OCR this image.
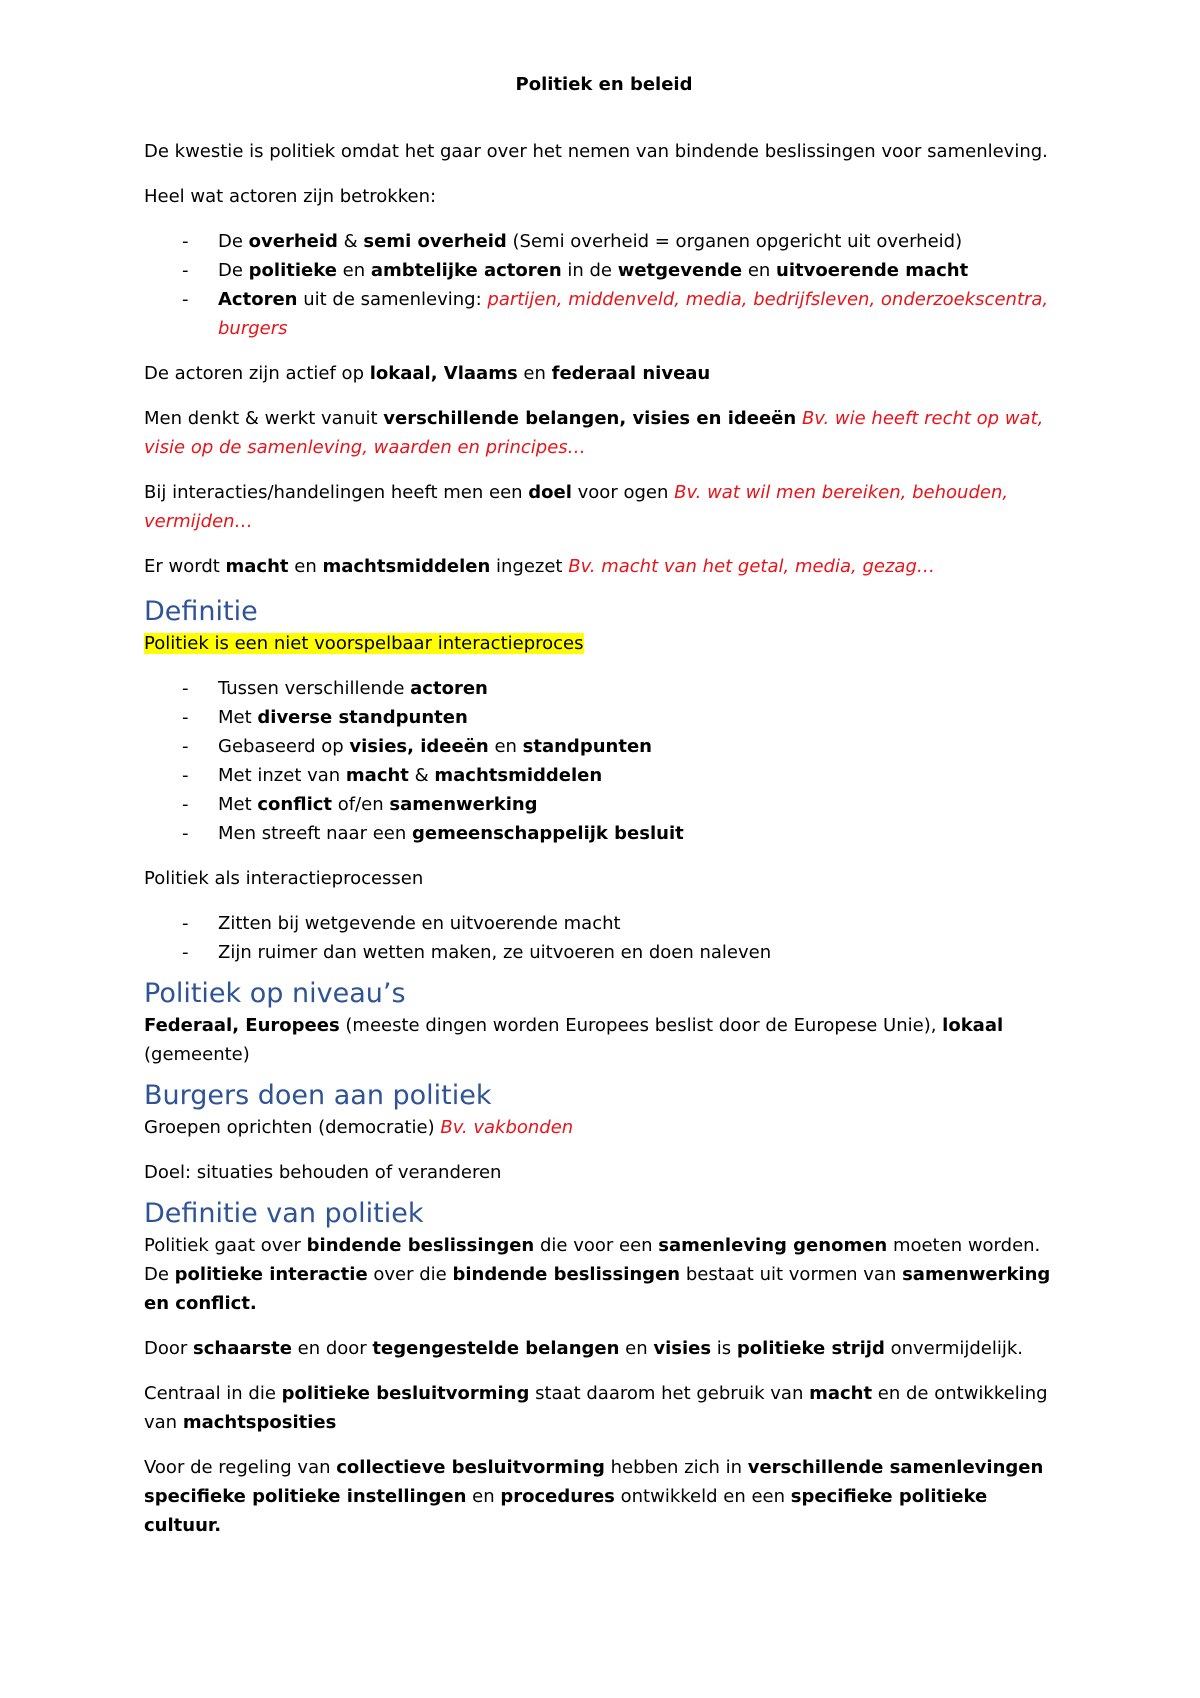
Politiek en beleid

De kwestie is politiek omdat het gaar over het nemen van bindende beslissingen voor samenleving.

Heel wat actoren zijn betrokken:

- De overheid & semi overheid (Semi overheid = organen opgericht uit overheid)
- De politieke en ambtelijke actoren in de wetgevende en uitvoerende macht
- Actoren uit de samenleving: partijen, middenveld, media, bedrijfsleven, onderzoekscentra, burgers

De actoren zijn actief op lokaal, Vlaams en federaal niveau

Men denkt & werkt vanuit verschillende belangen, visies en ideeën Bv. wie heeft recht op wat, visie op de samenleving, waarden en principes…

Bij interacties/handelingen heeft men een doel voor ogen Bv. wat wil men bereiken, behouden, vermijden…

Er wordt macht en machtsmiddelen ingezet Bv. macht van het getal, media, gezag…

Definitie

Politiek is een niet voorspelbaar interactieproces

- Tussen verschillende actoren
- Met diverse standpunten
- Gebaseerd op visies, ideeën en standpunten
- Met inzet van macht & machtsmiddelen
- Met conflict of/en samenwerking
- Men streeft naar een gemeenschappelijk besluit

Politiek als interactieprocessen

- Zitten bij wetgevende en uitvoerende macht
- Zijn ruimer dan wetten maken, ze uitvoeren en doen naleven
Politiek op niveau’s

Federaal, Europees (meeste dingen worden Europees beslist door de Europese Unie), lokaal (gemeente)

Burgers doen aan politiek

Groepen oprichten (democratie) Bv. vakbonden

Doel: situaties behouden of veranderen

Definitie van politiek

Politiek gaat over bindende beslissingen die voor een samenleving genomen moeten worden. De politieke interactie over die bindende beslissingen bestaat uit vormen van samenwerking en conflict.

Door schaarste en door tegengestelde belangen en visies is politieke strijd onvermijdelijk.

Centraal in die politieke besluitvorming staat daarom het gebruik van macht en de ontwikkeling van machtsposities

Voor de regeling van collectieve besluitvorming hebben zich in verschillende samenlevingen specifieke politieke instellingen en procedures ontwikkeld en een specifieke politieke cultuur.
